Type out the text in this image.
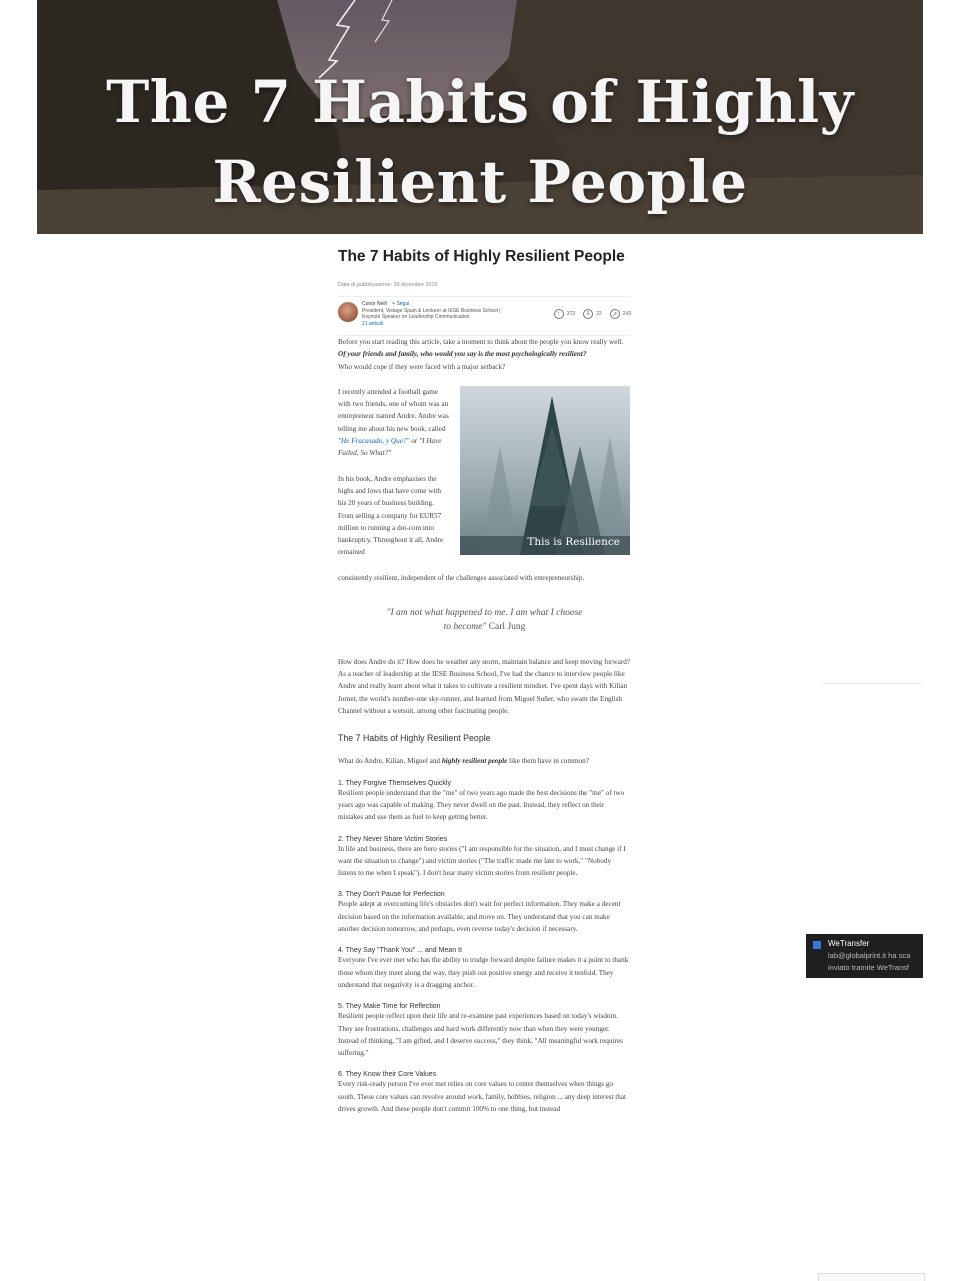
The 7 Habits of Highly
Resilient People
The 7 Habits of Highly Resilient People
Data di pubblicazione: 26 dicembre 2016
Conor Neill + Segui
President, Vistage Spain & Lecturer at IESE Business School |
Keynote Speaker on Leadership Communication
21 articoli
↑	372	≡	22	↗	243

Before you start reading this article, take a moment to think about the people you know really well. Of your friends and family, who would you say is the most psychologically resilient?

Who would cope if they were faced with a major setback?

I recently attended a football game with two friends, one of whom was an entrepreneur named Andre. Andre was telling me about his new book, called "He Fracasado, y Que?" or "I Have Failed, So What?"

In his book, Andre emphasises the highs and lows that have come with his 20 years of business building. From selling a company for EUR57 million to running a dot-com into bankruptcy. Throughout it all, Andre remained

This is Resilience

consistently resilient, independent of the challenges associated with entrepreneurship.

"I am not what happened to me. I am what I choose to become" Carl Jung

How does Andre do it? How does he weather any storm, maintain balance and keep moving forward?

As a teacher of leadership at the IESE Business School, I've had the chance to interview people like Andre and really learn about what it takes to cultivate a resilient mindset. I've spent days with Kilian Jornet, the world's number-one sky-runner, and learned from Miguel Suñer, who swam the English Channel without a wetsuit, among other fascinating people.

The 7 Habits of Highly Resilient People

What do Andre, Kilian, Miguel and highly resilient people like them have in common?

1. They Forgive Themselves Quickly

Resilient people understand that the "me" of two years ago made the best decisions the "me" of two years ago was capable of making. They never dwell on the past. Instead, they reflect on their mistakes and use them as fuel to keep getting better.

2. They Never Share Victim Stories

In life and business, there are hero stories ("I am responsible for the situation, and I must change if I want the situation to change") and victim stories ("The traffic made me late to work," "Nobody listens to me when I speak"). I don't hear many victim stories from resilient people.

3. They Don't Pause for Perfection

People adept at overcoming life's obstacles don't wait for perfect information. They make a decent decision based on the information available, and move on. They understand that you can make another decision tomorrow, and perhaps, even reverse today's decision if necessary.

4. They Say "Thank You" ... and Mean It

Everyone I've ever met who has the ability to trudge forward despite failure makes it a point to thank those whom they meet along the way, they push out positive energy and receive it tenfold. They understand that negativity is a dragging anchor.

5. They Make Time for Reflection

Resilient people reflect upon their life and re-examine past experiences based on today's wisdom. They see frustrations, challenges and hard work differently now than when they were younger. Instead of thinking, "I am gifted, and I deserve success," they think, "All meaningful work requires suffering."

6. They Know their Core Values

Every risk-ready person I've ever met relies on core values to centre themselves when things go south. These core values can revolve around work, family, hobbies, religion ... any deep interest that drives growth. And these people don't commit 100% to one thing, but instead

WeTransfer
lab@globalprint.it ha sca
inviato tramite WeTransf
